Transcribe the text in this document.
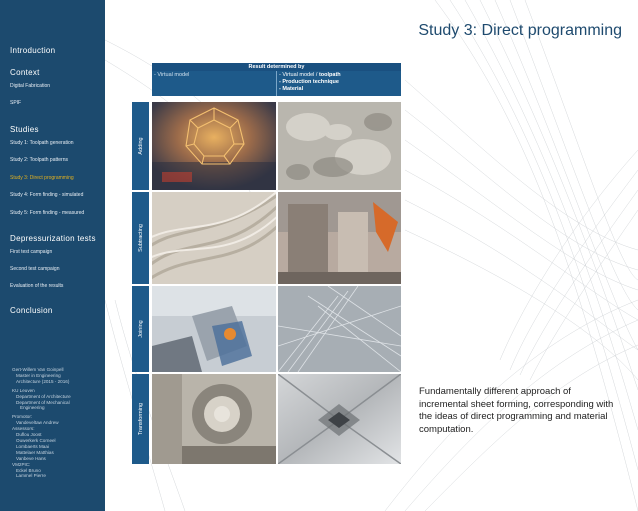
Introduction
Context
Digital Fabrication
SPIF
Studies
Study 1: Toolpath generation
Study 2: Toolpath patterns
Study 3: Direct programming
Study 4: Form finding - simulated
Study 5: Form finding - measured
Depressurization tests
First test campaign
Second test campaign
Evaluation of the results
Conclusion
Gert-Willem Van Goinpell
Master in Engineering
Architecture (2015 - 2016)
KU Leuven
Department of Architecture
Department of Mechanical
Engineering
Promotor:
Vandeveltaw Andrew
Assessors:
Duflou Joost
Ouwerkerk Corneel
Lombaerts Maai
Mattelaer Matthias
Vanbeve Hans
VM2PIC:
Eckel Bruno
Lammel Pierre
Study 3: Direct programming
Result determined by
- Virtual model	- Virtual model / toolpath
- Production technique
- Material
Adding
Subtracting
Joining
Transforming
Fundamentally different approach of incremental sheet forming, corresponding with the ideas of direct programming and material computation.
